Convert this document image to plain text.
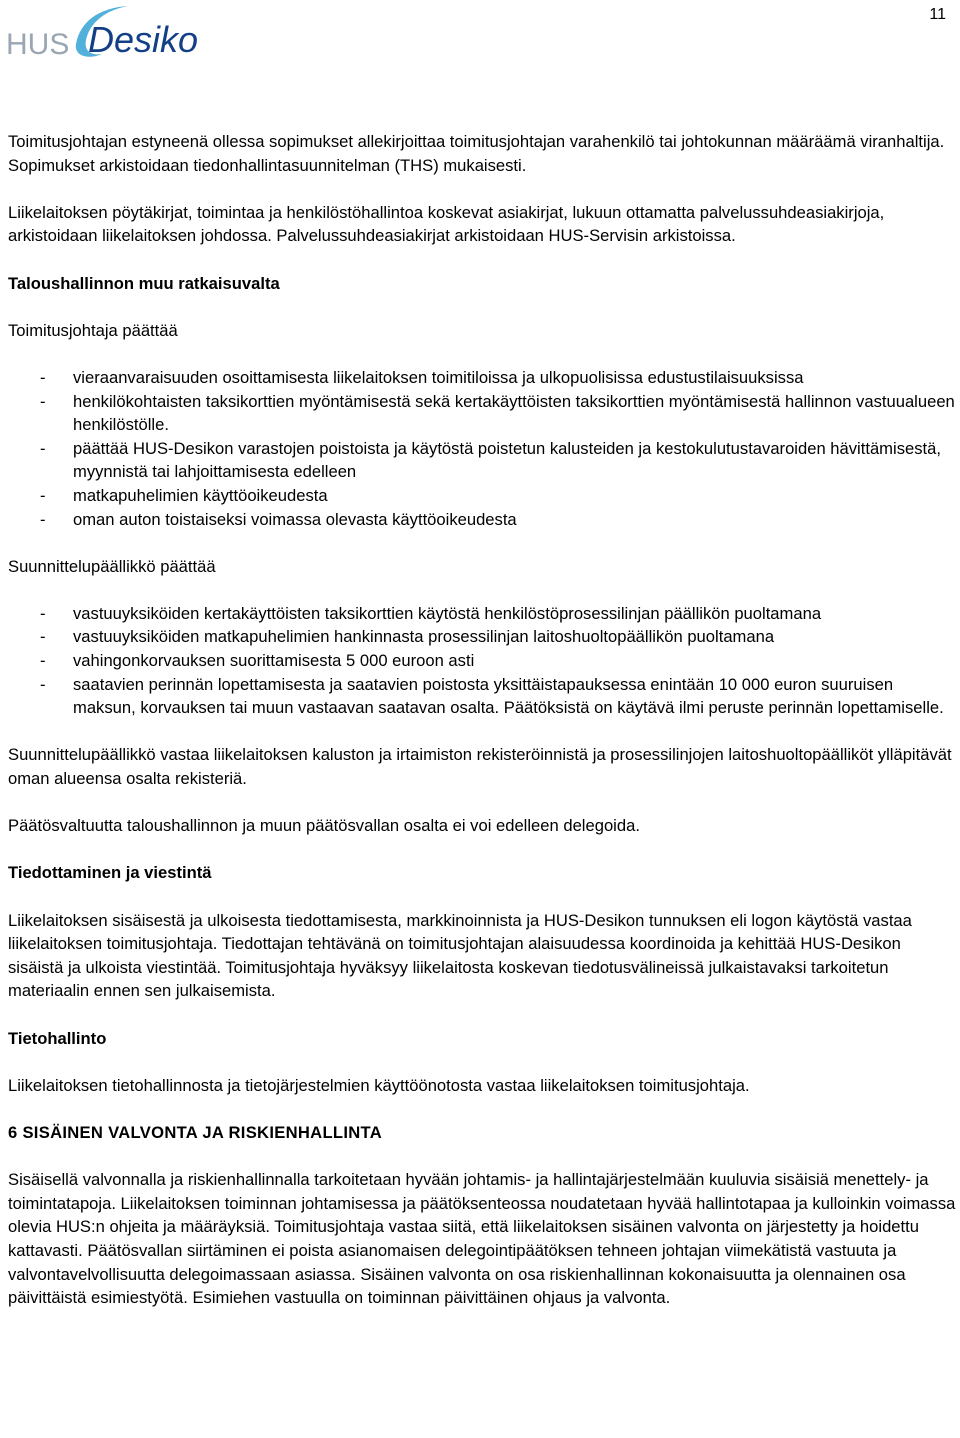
11
HUS Desiko

Toimitusjohtajan estyneenä ollessa sopimukset allekirjoittaa toimitusjohtajan varahenkilö tai johtokunnan määräämä viranhaltija. Sopimukset arkistoidaan tiedonhallintasuunnitelman (THS) mukaisesti.

Liikelaitoksen pöytäkirjat, toimintaa ja henkilöstöhallintoa koskevat asiakirjat, lukuun ottamatta palvelussuhdeasiakirjoja, arkistoidaan liikelaitoksen johdossa. Palvelussuhdeasiakirjat arkistoidaan HUS-Servisin arkistoissa.

Taloushallinnon muu ratkaisuvalta

Toimitusjohtaja päättää

- vieraanvaraisuuden osoittamisesta liikelaitoksen toimitiloissa ja ulkopuolisissa edustustilaisuuksissa
- henkilökohtaisten taksikorttien myöntämisestä sekä kertakäyttöisten taksikorttien myöntämisestä hallinnon vastuualueen henkilöstölle.
- päättää HUS-Desikon varastojen poistoista ja käytöstä poistetun kalusteiden ja kestokulutustavaroiden hävittämisestä, myynnistä tai lahjoittamisesta edelleen
- matkapuhelimien käyttöoikeudesta
- oman auton toistaiseksi voimassa olevasta käyttöoikeudesta

Suunnittelupäällikkö päättää

- vastuuyksiköiden kertakäyttöisten taksikorttien käytöstä henkilöstöprosessilinjan päällikön puoltamana
- vastuuyksiköiden matkapuhelimien hankinnasta prosessilinjan laitoshuoltopäällikön puoltamana
- vahingonkorvauksen suorittamisesta 5 000 euroon asti
- saatavien perinnän lopettamisesta ja saatavien poistosta yksittäistapauksessa enintään 10 000 euron suuruisen maksun, korvauksen tai muun vastaavan saatavan osalta. Päätöksistä on käytävä ilmi peruste perinnän lopettamiselle.

Suunnittelupäällikkö vastaa liikelaitoksen kaluston ja irtaimiston rekisteröinnistä ja prosessilinjojen laitoshuoltopäälliköt ylläpitävät oman alueensa osalta rekisteriä.

Päätösvaltuutta taloushallinnon ja muun päätösvallan osalta ei voi edelleen delegoida.

Tiedottaminen ja viestintä

Liikelaitoksen sisäisestä ja ulkoisesta tiedottamisesta, markkinoinnista ja HUS-Desikon tunnuksen eli logon käytöstä vastaa liikelaitoksen toimitusjohtaja. Tiedottajan tehtävänä on toimitusjohtajan alaisuudessa koordinoida ja kehittää HUS-Desikon sisäistä ja ulkoista viestintää. Toimitusjohtaja hyväksyy liikelaitosta koskevan tiedotusvälineissä julkaistavaksi tarkoitetun materiaalin ennen sen julkaisemista.

Tietohallinto

Liikelaitoksen tietohallinnosta ja tietojärjestelmien käyttöönotosta vastaa liikelaitoksen toimitusjohtaja.

6 SISÄINEN VALVONTA JA RISKIENHALLINTA

Sisäisellä valvonnalla ja riskienhallinnalla tarkoitetaan hyvään johtamis- ja hallintajärjestelmään kuuluvia sisäisiä menettely- ja toimintatapoja. Liikelaitoksen toiminnan johtamisessa ja päätöksenteossa noudatetaan hyvää hallintotapaa ja kulloinkin voimassa olevia HUS:n ohjeita ja määräyksiä. Toimitusjohtaja vastaa siitä, että liikelaitoksen sisäinen valvonta on järjestetty ja hoidettu kattavasti. Päätösvallan siirtäminen ei poista asianomaisen delegointipäätöksen tehneen johtajan viimekätistä vastuuta ja valvontavelvollisuutta delegoimassaan asiassa. Sisäinen valvonta on osa riskienhallinnan kokonaisuutta ja olennainen osa päivittäistä esimiestyötä. Esimiehen vastuulla on toiminnan päivittäinen ohjaus ja valvonta.
